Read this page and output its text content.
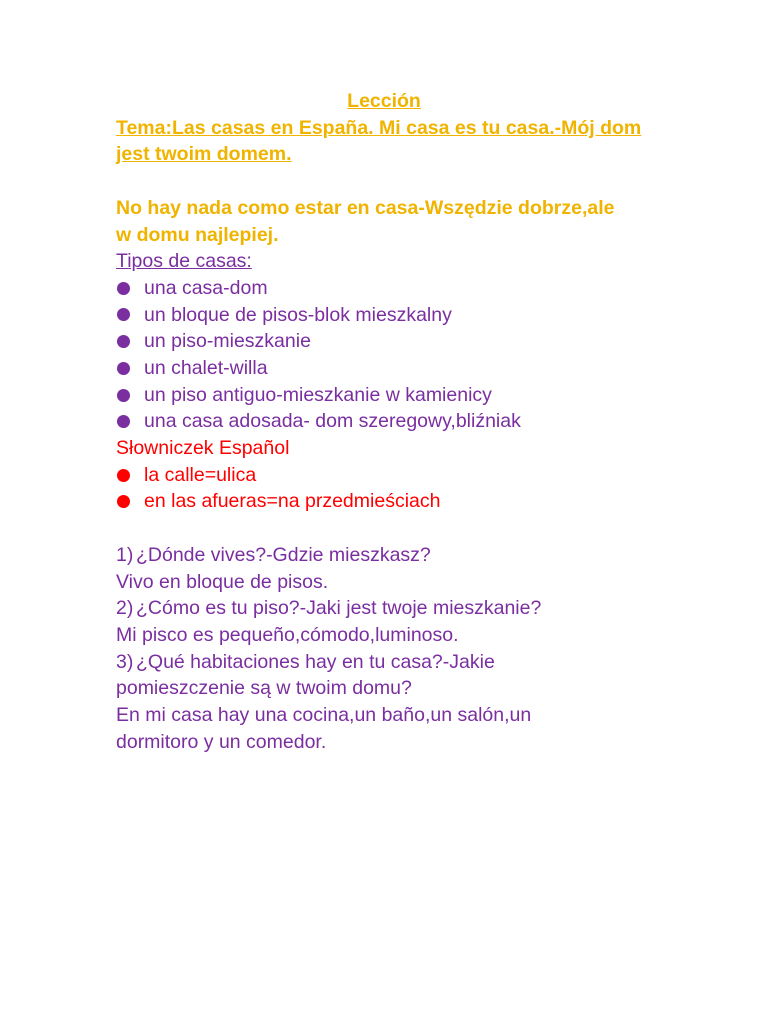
Lección

Tema:Las casas en España. Mi casa es tu casa.-Mój dom

jest twoim domem.

No hay nada como estar en casa-Wszędzie dobrze,ale

w domu najlepiej.

Tipos de casas:

una casa-dom
un bloque de pisos-blok mieszkalny
un piso-mieszkanie
un chalet-willa
un piso antiguo-mieszkanie w kamienicy
una casa adosada- dom szeregowy,bliźniak

Słowniczek Español

la calle=ulica
en las afueras=na przedmieściach

1) ¿Dónde vives?-Gdzie mieszkasz?

Vivo en bloque de pisos.

2) ¿Cómo es tu piso?-Jaki jest twoje mieszkanie?

Mi pisco es pequeño,cómodo,luminoso.

3) ¿Qué habitaciones hay en tu casa?-Jakie

pomieszczenie są w twoim domu?

En mi casa hay una cocina,un baño,un salón,un

dormitoro y un comedor.
